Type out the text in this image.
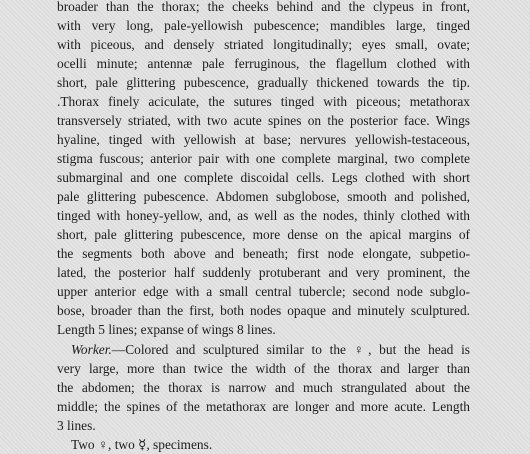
broader than the thorax; the cheeks behind and the clypeus in front,
with very long, pale-yellowish pubescence; mandibles large, tinged
with piceous, and densely striated longitudinally; eyes small, ovate;
ocelli minute; antennæ pale ferruginous, the flagellum clothed with
short, pale glittering pubescence, gradually thickened towards the tip.
.Thorax finely aciculate, the sutures tinged with piceous; metathorax
transversely striated, with two acute spines on the posterior face. Wings
hyaline, tinged with yellowish at base; nervures yellowish-testaceous,
stigma fuscous; anterior pair with one complete marginal, two complete
submarginal and one complete discoidal cells. Legs clothed with short
pale glittering pubescence. Abdomen subglobose, smooth and polished,
tinged with honey-yellow, and, as well as the nodes, thinly clothed with
short, pale glittering pubescence, more dense on the apical margins of
the segments both above and beneath; first node elongate, subpetio-
lated, the posterior half suddenly protuberant and very prominent, the
upper anterior edge with a small central tubercle; second node subglo-
bose, broader than the first, both nodes opaque and minutely sculptured.
Length 5 lines; expanse of wings 8 lines.
Worker.—Colored and sculptured similar to the ♀, but the head is
very large, more than twice the width of the thorax and larger than
the abdomen; the thorax is narrow and much strangulated about the
middle; the spines of the metathorax are longer and more acute. Length
3 lines.
Two ♀, two ☿, specimens.
